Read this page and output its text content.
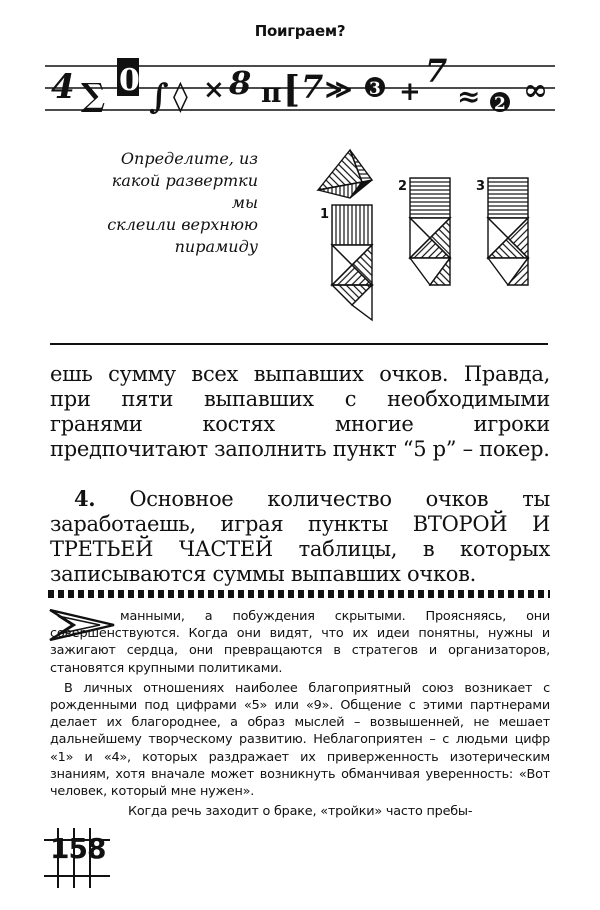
Поиграем?
4 ∑ 0 ∫ ◊ × 8 π [ 7 ≫ 3 +
7
≈ 2 ∞
Определите, из
какой развертки мы
склеили верхнюю
пирамиду
1
2	3
ешь сумму всех выпавших очков. Правда, при пяти выпавших с необходимыми гранями костях многие игроки предпочитают заполнить пункт “5 р” – покер.
4. Основное количество очков ты заработаешь, играя пункты ВТОРОЙ И ТРЕТЬЕЙ ЧАСТЕЙ таблицы, в которых записываются суммы выпавших очков.

манными, а побуждения скрытыми. Проясняясь, они совершенствуются. Когда они видят, что их идеи понятны, нужны и зажигают сердца, они превращаются в стратегов и организаторов, становятся крупными политиками.

В личных отношениях наиболее благоприятный союз возникает с рожденными под цифрами «5» или «9». Общение с этими партнерами делает их благороднее, а образ мыслей – возвышенней, не мешает дальнейшему творческому развитию. Неблагоприятен – с людьми цифр «1» и «4», которых раздражает их приверженность изотерическим знаниям, хотя вначале может возникнуть обманчивая уверенность: «Вот человек, который мне нужен».

Когда речь заходит о браке, «тройки» часто пребы-

158
